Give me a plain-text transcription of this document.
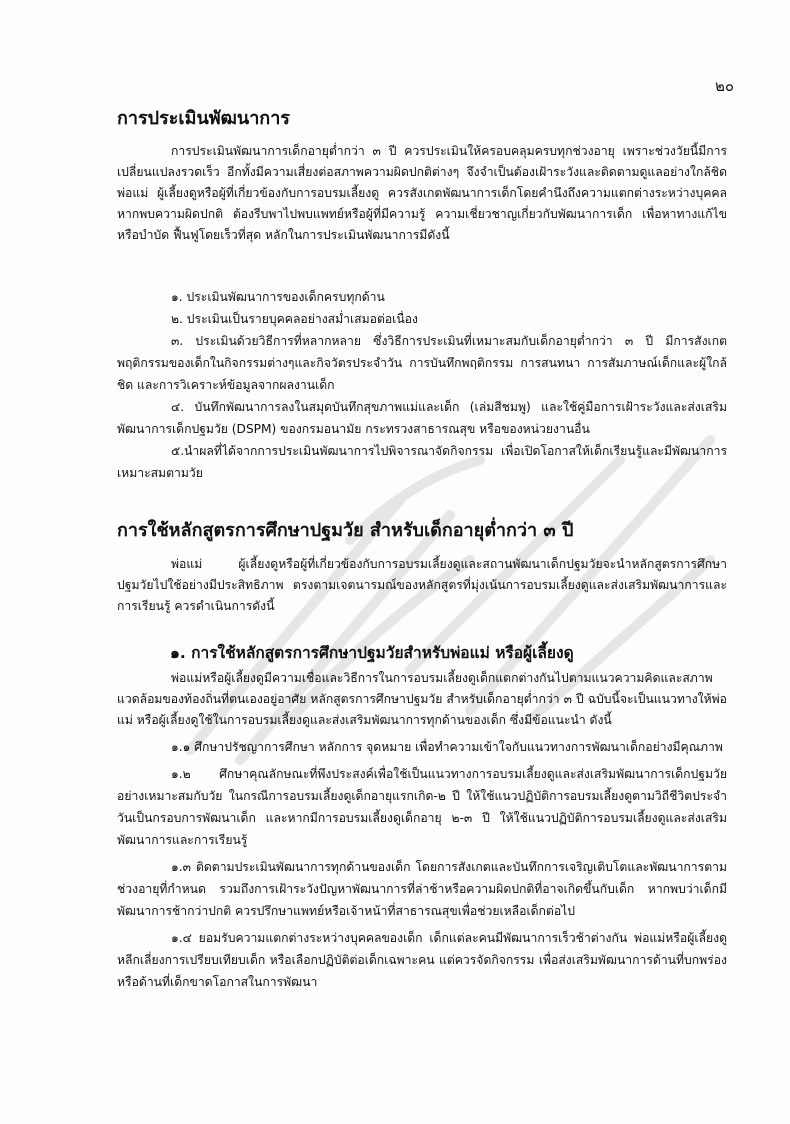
๒๐
การประเมินพัฒนาการ

การประเมินพัฒนาการเด็กอายุต่ำกว่า ๓ ปี ควรประเมินให้ครอบคลุมครบทุกช่วงอายุ เพราะช่วงวัยนี้มีการเปลี่ยนแปลงรวดเร็ว อีกทั้งมีความเสี่ยงต่อสภาพความผิดปกติต่างๆ จึงจำเป็นต้องเฝ้าระวังและติดตามดูแลอย่างใกล้ชิด พ่อแม่ ผู้เลี้ยงดูหรือผู้ที่เกี่ยวข้องกับการอบรมเลี้ยงดู ควรสังเกตพัฒนาการเด็กโดยคำนึงถึงความแตกต่างระหว่างบุคคล หากพบความผิดปกติ ต้องรีบพาไปพบแพทย์หรือผู้ที่มีความรู้ ความเชี่ยวชาญเกี่ยวกับพัฒนาการเด็ก เพื่อหาทางแก้ไขหรือบำบัด ฟื้นฟูโดยเร็วที่สุด หลักในการประเมินพัฒนาการมีดังนี้

๑. ประเมินพัฒนาการของเด็กครบทุกด้าน
๒. ประเมินเป็นรายบุคคลอย่างสม่ำเสมอต่อเนื่อง
๓. ประเมินด้วยวิธีการที่หลากหลาย ซึ่งวิธีการประเมินที่เหมาะสมกับเด็กอายุต่ำกว่า ๓ ปี มีการสังเกตพฤติกรรมของเด็กในกิจกรรมต่างๆและกิจวัตรประจำวัน การบันทึกพฤติกรรม การสนทนา การสัมภาษณ์เด็กและผู้ใกล้ชิด และการวิเคราะห์ข้อมูลจากผลงานเด็ก
๔. บันทึกพัฒนาการลงในสมุดบันทึกสุขภาพแม่และเด็ก (เล่มสีชมพู) และใช้คู่มือการเฝ้าระวังและส่งเสริมพัฒนาการเด็กปฐมวัย (DSPM) ของกรมอนามัย กระทรวงสาธารณสุข หรือของหน่วยงานอื่น
๕.นำผลที่ได้จากการประเมินพัฒนาการไปพิจารณาจัดกิจกรรม เพื่อเปิดโอกาสให้เด็กเรียนรู้และมีพัฒนาการเหมาะสมตามวัย
การใช้หลักสูตรการศึกษาปฐมวัย สำหรับเด็กอายุต่ำกว่า ๓ ปี

พ่อแม่ ผู้เลี้ยงดูหรือผู้ที่เกี่ยวข้องกับการอบรมเลี้ยงดูและสถานพัฒนาเด็กปฐมวัยจะนำหลักสูตรการศึกษาปฐมวัยไปใช้อย่างมีประสิทธิภาพ ตรงตามเจตนารมณ์ของหลักสูตรที่มุ่งเน้นการอบรมเลี้ยงดูและส่งเสริมพัฒนาการและการเรียนรู้ ควรดำเนินการดังนี้

๑. การใช้หลักสูตรการศึกษาปฐมวัยสำหรับพ่อแม่ หรือผู้เลี้ยงดู

พ่อแม่หรือผู้เลี้ยงดูมีความเชื่อและวิธีการในการอบรมเลี้ยงดูเด็กแตกต่างกันไปตามแนวความคิดและสภาพแวดล้อมของท้องถิ่นที่ตนเองอยู่อาศัย หลักสูตรการศึกษาปฐมวัย สำหรับเด็กอายุต่ำกว่า ๓ ปี ฉบับนี้จะเป็นแนวทางให้พ่อแม่ หรือผู้เลี้ยงดูใช้ในการอบรมเลี้ยงดูและส่งเสริมพัฒนาการทุกด้านของเด็ก ซึ่งมีข้อแนะนำ ดังนี้

๑.๑ ศึกษาปรัชญาการศึกษา หลักการ จุดหมาย เพื่อทำความเข้าใจกับแนวทางการพัฒนาเด็กอย่างมีคุณภาพ
๑.๒ ศึกษาคุณลักษณะที่พึงประสงค์เพื่อใช้เป็นแนวทางการอบรมเลี้ยงดูและส่งเสริมพัฒนาการเด็กปฐมวัยอย่างเหมาะสมกับวัย ในกรณีการอบรมเลี้ยงดูเด็กอายุแรกเกิด-๒ ปี ให้ใช้แนวปฏิบัติการอบรมเลี้ยงดูตามวิถีชีวิตประจำวันเป็นกรอบการพัฒนาเด็ก และหากมีการอบรมเลี้ยงดูเด็กอายุ ๒-๓ ปี ให้ใช้แนวปฏิบัติการอบรมเลี้ยงดูและส่งเสริมพัฒนาการและการเรียนรู้
๑.๓ ติดตามประเมินพัฒนาการทุกด้านของเด็ก โดยการสังเกตและบันทึกการเจริญเติบโตและพัฒนาการตามช่วงอายุที่กำหนด รวมถึงการเฝ้าระวังปัญหาพัฒนาการที่ล่าช้าหรือความผิดปกติที่อาจเกิดขึ้นกับเด็ก หากพบว่าเด็กมีพัฒนาการช้ากว่าปกติ ควรปรึกษาแพทย์หรือเจ้าหน้าที่สาธารณสุขเพื่อช่วยเหลือเด็กต่อไป
๑.๔ ยอมรับความแตกต่างระหว่างบุคคลของเด็ก เด็กแต่ละคนมีพัฒนาการเร็วช้าต่างกัน พ่อแม่หรือผู้เลี้ยงดูหลีกเลี่ยงการเปรียบเทียบเด็ก หรือเลือกปฏิบัติต่อเด็กเฉพาะคน แต่ควรจัดกิจกรรม เพื่อส่งเสริมพัฒนาการด้านที่บกพร่องหรือด้านที่เด็กขาดโอกาสในการพัฒนา
